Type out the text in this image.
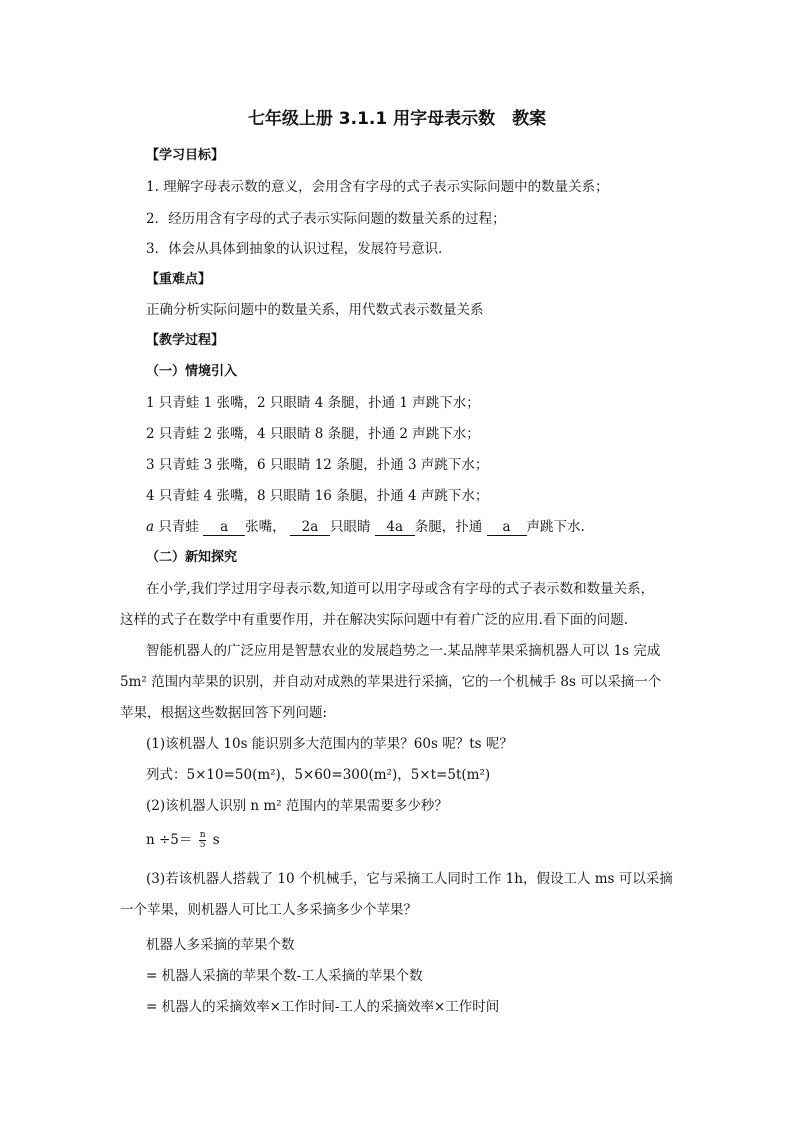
七年级上册 3.1.1 用字母表示数　教案
【学习目标】
1. 理解字母表示数的意义，会用含有字母的式子表示实际问题中的数量关系；
2．经历用含有字母的式子表示实际问题的数量关系的过程；
3．体会从具体到抽象的认识过程，发展符号意识．
【重难点】
正确分析实际问题中的数量关系，用代数式表示数量关系
【教学过程】
（一）情境引入
1 只青蛙 1 张嘴，2 只眼睛 4 条腿，扑通 1 声跳下水；
2 只青蛙 2 张嘴，4 只眼睛 8 条腿，扑通 2 声跳下水；
3 只青蛙 3 张嘴，6 只眼睛 12 条腿，扑通 3 声跳下水；
4 只青蛙 4 张嘴，8 只眼睛 16 条腿，扑通 4 声跳下水；
a 只青蛙 a 张嘴， 2a 只眼睛 4a 条腿，扑通 a 声跳下水.
（二）新知探究
在小学,我们学过用字母表示数,知道可以用字母或含有字母的式子表示数和数量关系，
这样的式子在数学中有重要作用，并在解决实际问题中有着广泛的应用.看下面的问题.
智能机器人的广泛应用是智慧农业的发展趋势之一.某品牌苹果采摘机器人可以 1s 完成
5m² 范围内苹果的识别，并自动对成熟的苹果进行采摘，它的一个机械手 8s 可以采摘一个
苹果，根据这些数据回答下列问题:
(1)该机器人 10s 能识别多大范围内的苹果？60s 呢？ts 呢？
列式：5×10=50(m²)，5×60=300(m²)，5×t=5t(m²)
(2)该机器人识别 n m² 范围内的苹果需要多少秒？
$n \div 5= \frac{n}{5}$ s
(3)若该机器人搭载了 10 个机械手，它与采摘工人同时工作 1h，假设工人 ms 可以采摘
一个苹果，则机器人可比工人多采摘多少个苹果？
机器人多采摘的苹果个数
= 机器人采摘的苹果个数-工人采摘的苹果个数
= 机器人的采摘效率×工作时间-工人的采摘效率×工作时间
